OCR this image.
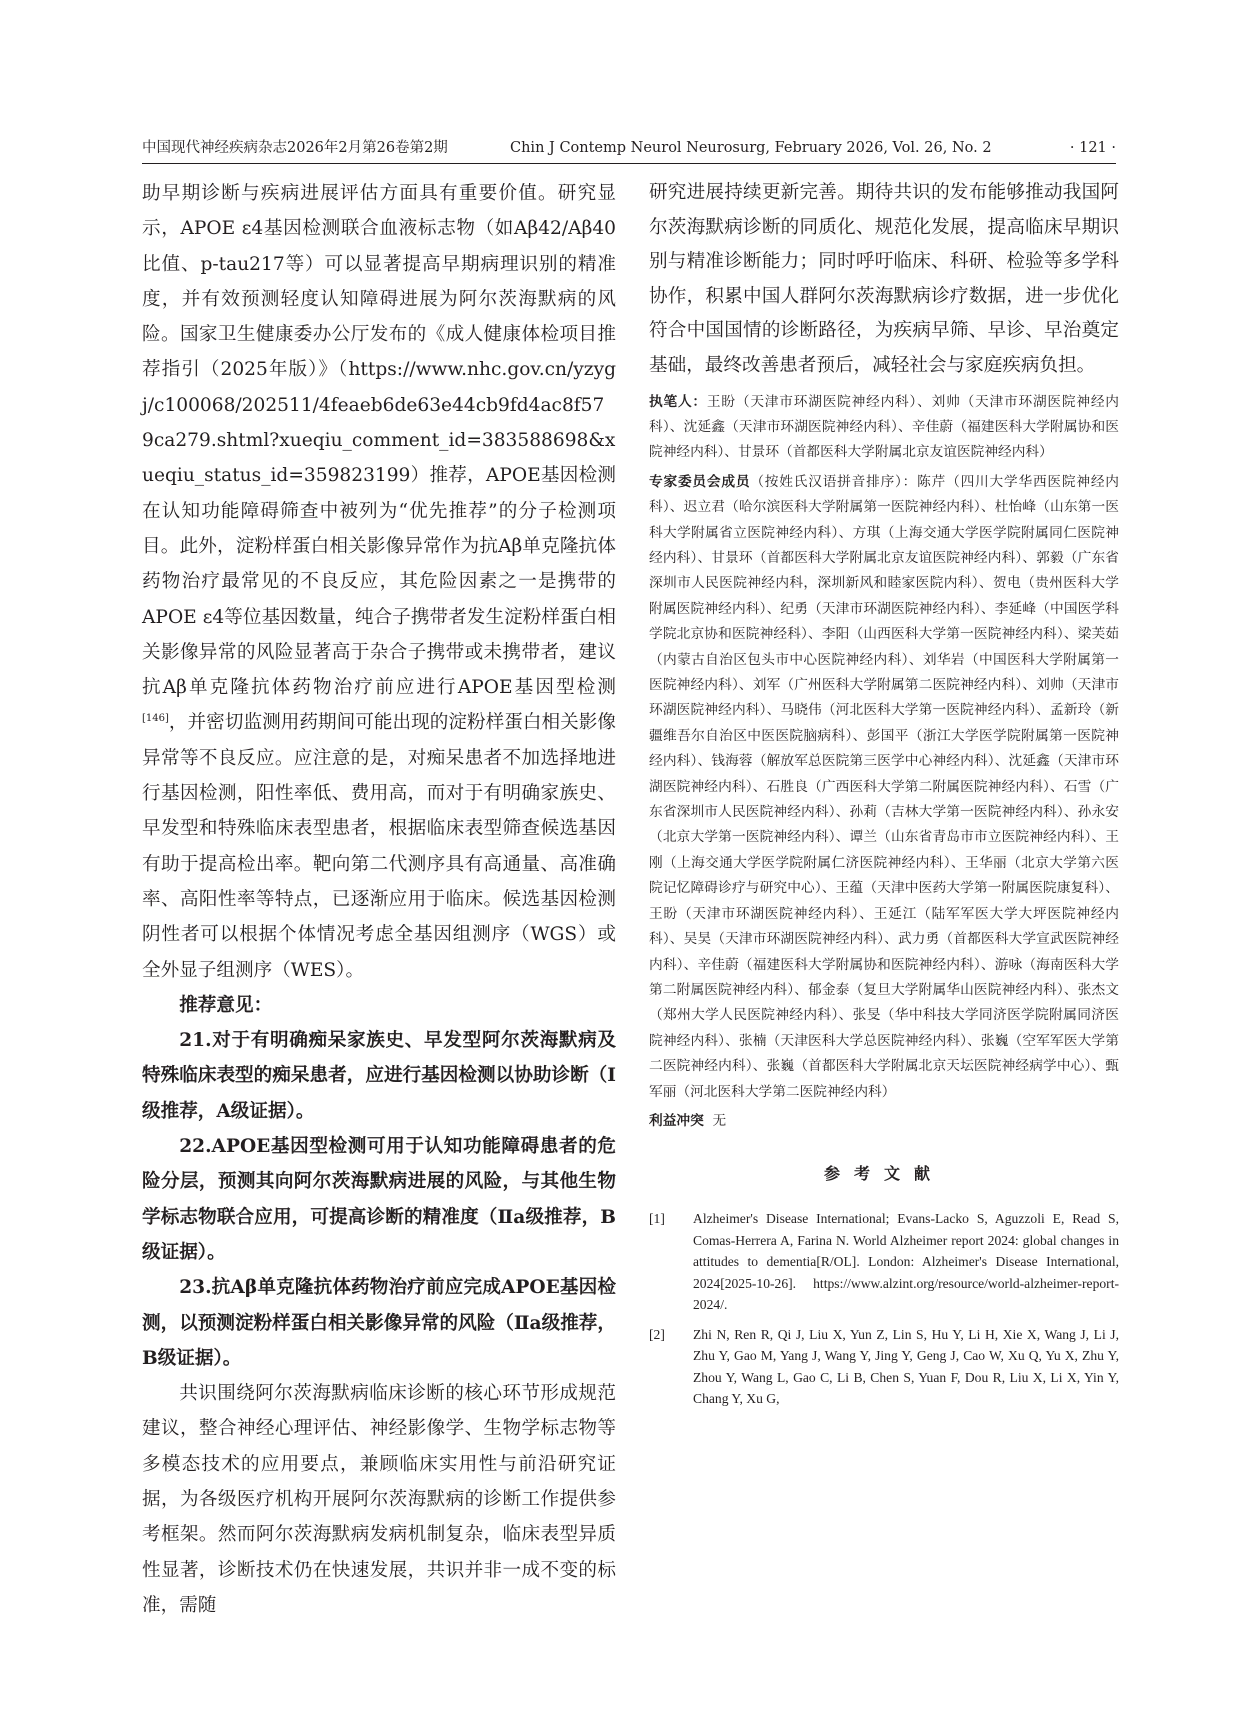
中国现代神经疾病杂志2026年2月第26卷第2期	Chin J Contemp Neurol Neurosurg, February 2026, Vol. 26, No. 2	· 121 ·

助早期诊断与疾病进展评估方面具有重要价值。研究显示，APOE ε4基因检测联合血液标志物（如Aβ42/Aβ40比值、p-tau217等）可以显著提高早期病理识别的精准度，并有效预测轻度认知障碍进展为阿尔茨海默病的风险。国家卫生健康委办公厅发布的《成人健康体检项目推荐指引（2025年版）》（https://www.nhc.gov.cn/yzygj/c100068/202511/4feaeb6de63e44cb9fd4ac8f579ca279.shtml?xueqiu_comment_id=383588698&xueqiu_status_id=359823199）推荐，APOE基因检测在认知功能障碍筛查中被列为“优先推荐”的分子检测项目。此外，淀粉样蛋白相关影像异常作为抗Aβ单克隆抗体药物治疗最常见的不良反应，其危险因素之一是携带的APOE ε4等位基因数量，纯合子携带者发生淀粉样蛋白相关影像异常的风险显著高于杂合子携带或未携带者，建议抗Aβ单克隆抗体药物治疗前应进行APOE基因型检测[146]，并密切监测用药期间可能出现的淀粉样蛋白相关影像异常等不良反应。应注意的是，对痴呆患者不加选择地进行基因检测，阳性率低、费用高，而对于有明确家族史、早发型和特殊临床表型患者，根据临床表型筛查候选基因有助于提高检出率。靶向第二代测序具有高通量、高准确率、高阳性率等特点，已逐渐应用于临床。候选基因检测阴性者可以根据个体情况考虑全基因组测序（WGS）或全外显子组测序（WES）。

推荐意见：

21.对于有明确痴呆家族史、早发型阿尔茨海默病及特殊临床表型的痴呆患者，应进行基因检测以协助诊断（Ⅰ级推荐，A级证据）。

22.APOE基因型检测可用于认知功能障碍患者的危险分层，预测其向阿尔茨海默病进展的风险，与其他生物学标志物联合应用，可提高诊断的精准度（Ⅱa级推荐，B级证据）。

23.抗Aβ单克隆抗体药物治疗前应完成APOE基因检测，以预测淀粉样蛋白相关影像异常的风险（Ⅱa级推荐，B级证据）。

共识围绕阿尔茨海默病临床诊断的核心环节形成规范建议，整合神经心理评估、神经影像学、生物学标志物等多模态技术的应用要点，兼顾临床实用性与前沿研究证据，为各级医疗机构开展阿尔茨海默病的诊断工作提供参考框架。然而阿尔茨海默病发病机制复杂，临床表型异质性显著，诊断技术仍在快速发展，共识并非一成不变的标准，需随

研究进展持续更新完善。期待共识的发布能够推动我国阿尔茨海默病诊断的同质化、规范化发展，提高临床早期识别与精准诊断能力；同时呼吁临床、科研、检验等多学科协作，积累中国人群阿尔茨海默病诊疗数据，进一步优化符合中国国情的诊断路径，为疾病早筛、早诊、早治奠定基础，最终改善患者预后，减轻社会与家庭疾病负担。

执笔人：王盼（天津市环湖医院神经内科）、刘帅（天津市环湖医院神经内科）、沈延鑫（天津市环湖医院神经内科）、辛佳蔚（福建医科大学附属协和医院神经内科）、甘景环（首都医科大学附属北京友谊医院神经内科）

专家委员会成员（按姓氏汉语拼音排序）：陈芹（四川大学华西医院神经内科）、迟立君（哈尔滨医科大学附属第一医院神经内科）、杜怡峰（山东第一医科大学附属省立医院神经内科）、方琪（上海交通大学医学院附属同仁医院神经内科）、甘景环（首都医科大学附属北京友谊医院神经内科）、郭毅（广东省深圳市人民医院神经内科，深圳新风和睦家医院内科）、贺电（贵州医科大学附属医院神经内科）、纪勇（天津市环湖医院神经内科）、李延峰（中国医学科学院北京协和医院神经科）、李阳（山西医科大学第一医院神经内科）、梁芙茹（内蒙古自治区包头市中心医院神经内科）、刘华岩（中国医科大学附属第一医院神经内科）、刘军（广州医科大学附属第二医院神经内科）、刘帅（天津市环湖医院神经内科）、马晓伟（河北医科大学第一医院神经内科）、孟新玲（新疆维吾尔自治区中医医院脑病科）、彭国平（浙江大学医学院附属第一医院神经内科）、钱海蓉（解放军总医院第三医学中心神经内科）、沈延鑫（天津市环湖医院神经内科）、石胜良（广西医科大学第二附属医院神经内科）、石雪（广东省深圳市人民医院神经内科）、孙莉（吉林大学第一医院神经内科）、孙永安（北京大学第一医院神经内科）、谭兰（山东省青岛市市立医院神经内科）、王刚（上海交通大学医学院附属仁济医院神经内科）、王华丽（北京大学第六医院记忆障碍诊疗与研究中心）、王蕴（天津中医药大学第一附属医院康复科）、王盼（天津市环湖医院神经内科）、王延江（陆军军医大学大坪医院神经内科）、吴昊（天津市环湖医院神经内科）、武力勇（首都医科大学宣武医院神经内科）、辛佳蔚（福建医科大学附属协和医院神经内科）、游咏（海南医科大学第二附属医院神经内科）、郁金泰（复旦大学附属华山医院神经内科）、张杰文（郑州大学人民医院神经内科）、张旻（华中科技大学同济医学院附属同济医院神经内科）、张楠（天津医科大学总医院神经内科）、张巍（空军军医大学第二医院神经内科）、张巍（首都医科大学附属北京天坛医院神经病学中心）、甄军丽（河北医科大学第二医院神经内科）

利益冲突 无

参考文献
[1]	Alzheimer's Disease International; Evans-Lacko S, Aguzzoli E, Read S, Comas-Herrera A, Farina N. World Alzheimer report 2024: global changes in attitudes to dementia[R/OL]. London: Alzheimer's Disease International, 2024[2025-10-26]. https://www.alzint.org/resource/world-alzheimer-report-2024/.
[2]	Zhi N, Ren R, Qi J, Liu X, Yun Z, Lin S, Hu Y, Li H, Xie X, Wang J, Li J, Zhu Y, Gao M, Yang J, Wang Y, Jing Y, Geng J, Cao W, Xu Q, Yu X, Zhu Y, Zhou Y, Wang L, Gao C, Li B, Chen S, Yuan F, Dou R, Liu X, Li X, Yin Y, Chang Y, Xu G,
